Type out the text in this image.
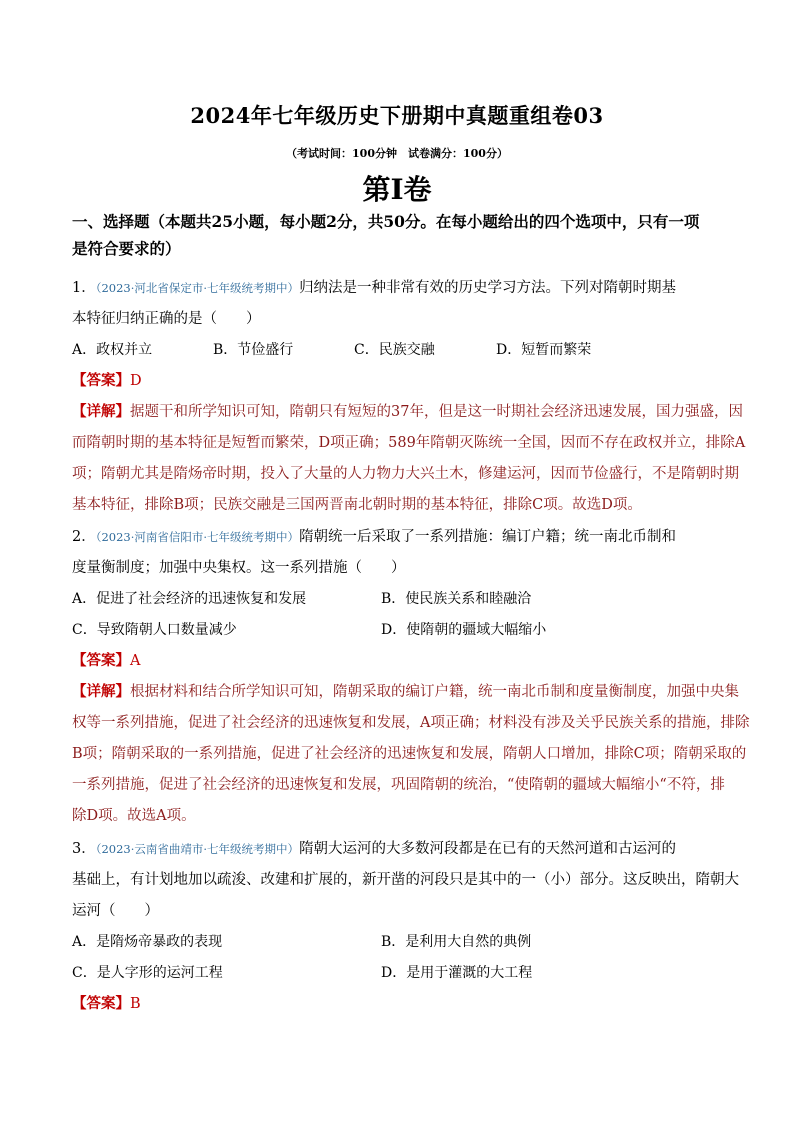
2024年七年级历史下册期中真题重组卷03
（考试时间：100分钟　试卷满分：100分）
第Ⅰ卷
一、选择题（本题共25小题，每小题2分，共50分。在每小题给出的四个选项中，只有一项
是符合要求的）
1．（2023·河北省保定市·七年级统考期中）归纳法是一种非常有效的历史学习方法。下列对隋朝时期基
本特征归纳正确的是（　　）
A．政权并立	B．节俭盛行	C．民族交融	D．短暂而繁荣
【答案】D
【详解】据题干和所学知识可知，隋朝只有短短的37年，但是这一时期社会经济迅速发展，国力强盛，因
而隋朝时期的基本特征是短暂而繁荣，D项正确；589年隋朝灭陈统一全国，因而不存在政权并立，排除A
项；隋朝尤其是隋炀帝时期，投入了大量的人力物力大兴土木，修建运河，因而节俭盛行，不是隋朝时期
基本特征，排除B项；民族交融是三国两晋南北朝时期的基本特征，排除C项。故选D项。
2．（2023·河南省信阳市·七年级统考期中）隋朝统一后采取了一系列措施：编订户籍；统一南北币制和
度量衡制度；加强中央集权。这一系列措施（　　）
A．促进了社会经济的迅速恢复和发展	B．使民族关系和睦融洽
C．导致隋朝人口数量减少	D．使隋朝的疆域大幅缩小
【答案】A
【详解】根据材料和结合所学知识可知，隋朝采取的编订户籍，统一南北币制和度量衡制度，加强中央集
权等一系列措施，促进了社会经济的迅速恢复和发展，A项正确；材料没有涉及关乎民族关系的措施，排除
B项；隋朝采取的一系列措施，促进了社会经济的迅速恢复和发展，隋朝人口增加，排除C项；隋朝采取的
一系列措施，促进了社会经济的迅速恢复和发展，巩固隋朝的统治，“使隋朝的疆域大幅缩小“不符，排
除D项。故选A项。
3．（2023·云南省曲靖市·七年级统考期中）隋朝大运河的大多数河段都是在已有的天然河道和古运河的
基础上，有计划地加以疏浚、改建和扩展的，新开凿的河段只是其中的一（小）部分。这反映出，隋朝大
运河（　　）
A．是隋炀帝暴政的表现	B．是利用大自然的典例
C．是人字形的运河工程	D．是用于灌溉的大工程
【答案】B
